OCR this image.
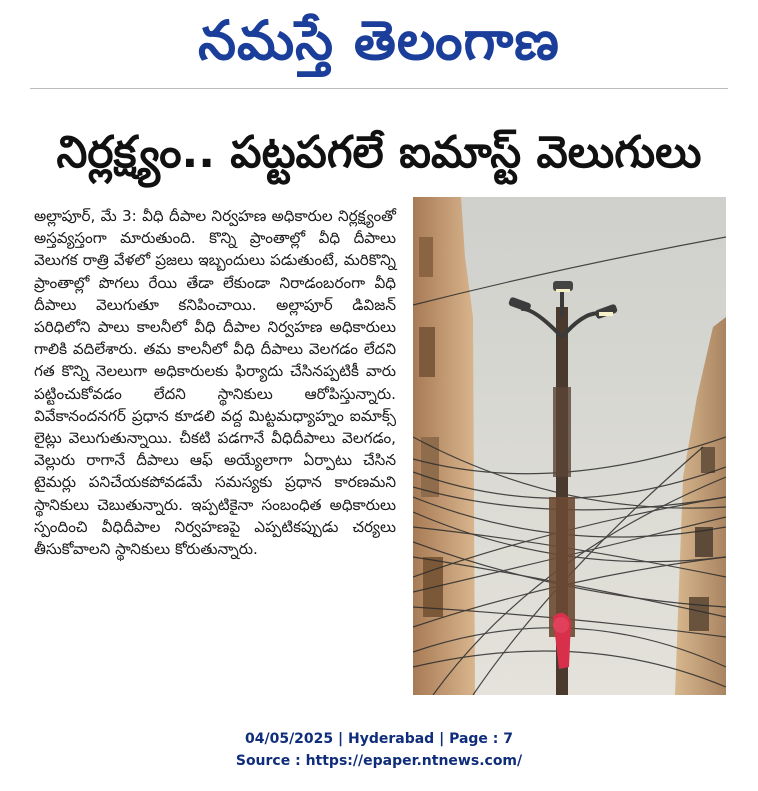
నమస్తే తెలంగాణ
నిర్లక్ష్యం.. పట్టపగలే ఐమాస్ట్ వెలుగులు

అల్లాపూర్, మే 3: వీధి దీపాల నిర్వహణ అధికారుల నిర్లక్ష్యంతో అస్తవ్యస్తంగా మారుతుంది. కొన్ని ప్రాంతాల్లో వీధి దీపాలు వెలుగక రాత్రి వేళలో ప్రజలు ఇబ్బందులు పడుతుంటే, మరికొన్ని ప్రాంతాల్లో పొగలు రేయి తేడా లేకుండా నిరాడంబరంగా వీధి దీపాలు వెలుగుతూ కనిపించాయి. అల్లాపూర్ డివిజన్ పరిధిలోని పాలు కాలనీలో వీధి దీపాల నిర్వహణ అధికారులు గాలికి వదిలేశారు. తమ కాలనీలో వీధి దీపాలు వెలగడం లేదని గత కొన్ని నెలలుగా అధికారులకు ఫిర్యాదు చేసినప్పటికీ వారు పట్టించుకోవడం లేదని స్థానికులు ఆరోపిస్తున్నారు. వివేకానందనగర్ ప్రధాన కూడలి వద్ద మిట్టమధ్యాహ్నం ఐమాక్స్ లైట్లు వెలుగుతున్నాయి. చీకటి పడగానే వీధిదీపాలు వెలగడం, వెల్లురు రాగానే దీపాలు ఆఫ్ అయ్యేలాగా ఏర్పాటు చేసిన టైమర్లు పనిచేయకపోవడమే సమస్యకు ప్రధాన కారణమని స్థానికులు చెబుతున్నారు. ఇప్పటికైనా సంబంధిత అధికారులు స్పందించి వీధిదీపాల నిర్వహణపై ఎప్పటికప్పుడు చర్యలు తీసుకోవాలని స్థానికులు కోరుతున్నారు.

04/05/2025 | Hyderabad | Page : 7
Source : https://epaper.ntnews.com/
